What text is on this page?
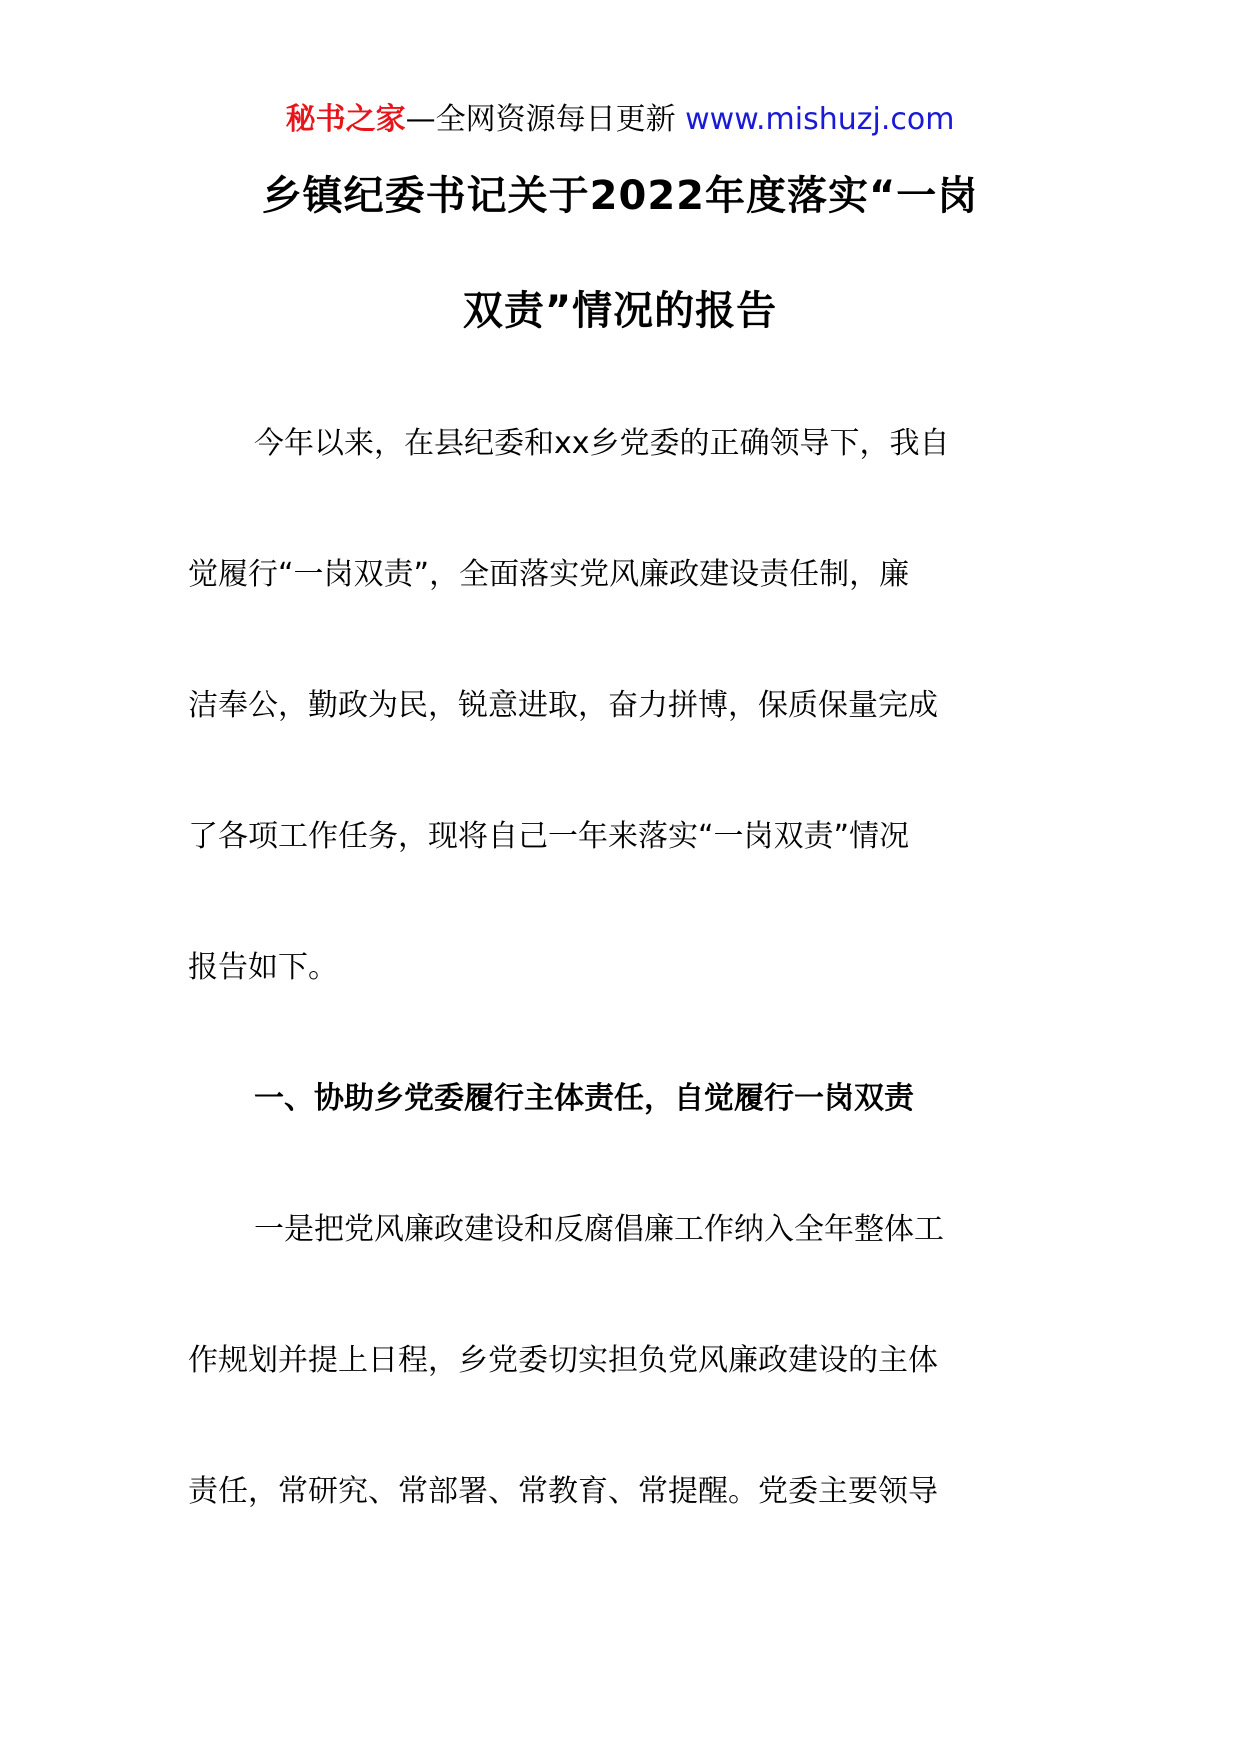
秘书之家—全网资源每日更新 www.mishuzj.com
乡镇纪委书记关于2022年度落实“一岗
双责”情况的报告
今年以来，在县纪委和xx乡党委的正确领导下，我自
觉履行“一岗双责”，全面落实党风廉政建设责任制，廉
洁奉公，勤政为民，锐意进取，奋力拼博，保质保量完成
了各项工作任务，现将自己一年来落实“一岗双责”情况
报告如下。
一、协助乡党委履行主体责任，自觉履行一岗双责
一是把党风廉政建设和反腐倡廉工作纳入全年整体工
作规划并提上日程，乡党委切实担负党风廉政建设的主体
责任，常研究、常部署、常教育、常提醒。党委主要领导
